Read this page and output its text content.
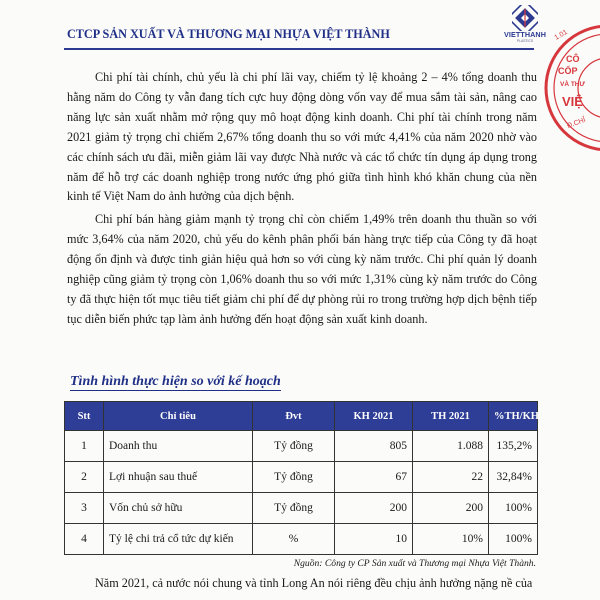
CTCP SẢN XUẤT VÀ THƯƠNG MẠI NHỰA VIỆT THÀNH	VIETTHANH
PLASTICS
CÔ
CỔP
VÀ THƯ
VIỆ
Đ.CHỈ
1.01

Chi phí tài chính, chủ yếu là chi phí lãi vay, chiếm tỷ lệ khoảng 2 – 4% tổng doanh thu hằng năm do Công ty vẫn đang tích cực huy động dòng vốn vay để mua sắm tài sản, nâng cao năng lực sản xuất nhằm mở rộng quy mô hoạt động kinh doanh. Chi phí tài chính trong năm 2021 giảm tỷ trọng chỉ chiếm 2,67% tổng doanh thu so với mức 4,41% của năm 2020 nhờ vào các chính sách ưu đãi, miễn giảm lãi vay được Nhà nước và các tổ chức tín dụng áp dụng trong năm để hỗ trợ các doanh nghiệp trong nước ứng phó giữa tình hình khó khăn chung của nền kinh tế Việt Nam do ảnh hưởng của dịch bệnh.

Chi phí bán hàng giảm mạnh tỷ trọng chỉ còn chiếm 1,49% trên doanh thu thuần so với mức 3,64% của năm 2020, chủ yếu do kênh phân phối bán hàng trực tiếp của Công ty đã hoạt động ổn định và được tinh giản hiệu quả hơn so với cùng kỳ năm trước. Chi phí quản lý doanh nghiệp cũng giảm tỷ trọng còn 1,06% doanh thu so với mức 1,31% cùng kỳ năm trước do Công ty đã thực hiện tốt mục tiêu tiết giảm chi phí để dự phòng rủi ro trong trường hợp dịch bệnh tiếp tục diễn biến phức tạp làm ảnh hưởng đến hoạt động sản xuất kinh doanh.

Tình hình thực hiện so với kế hoạch
Stt	Chỉ tiêu	Đvt	KH 2021	TH 2021	%TH/KH
1	Doanh thu	Tỷ đồng	805	1.088	135,2%
2	Lợi nhuận sau thuế	Tỷ đồng	67	22	32,84%
3	Vốn chủ sở hữu	Tỷ đồng	200	200	100%
4	Tỷ lệ chi trả cổ tức dự kiến	%	10	10%	100%
Nguồn: Công ty CP Sản xuất và Thương mại Nhựa Việt Thành.
Năm 2021, cả nước nói chung và tỉnh Long An nói riêng đều chịu ảnh hưởng nặng nề của
